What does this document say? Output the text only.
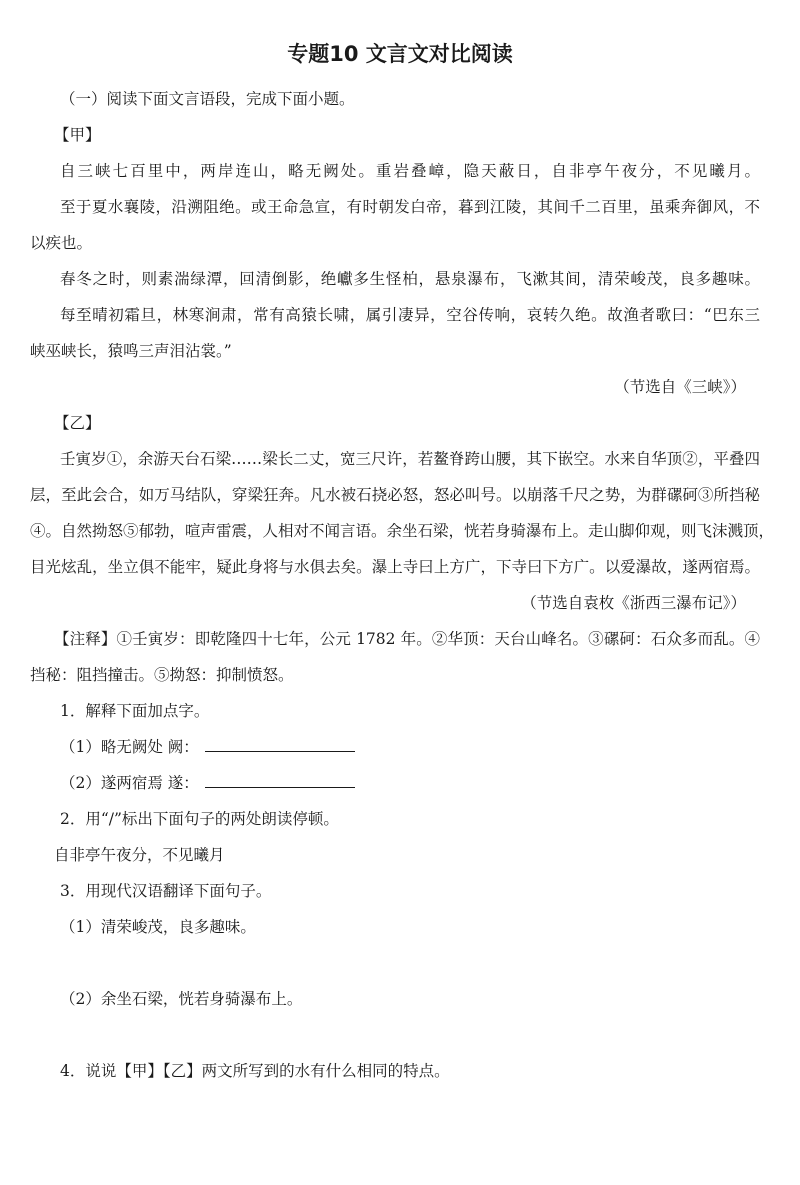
专题10 文言文对比阅读
（一）阅读下面文言语段，完成下面小题。
【甲】
自三峡七百里中，两岸连山，略无阙处。重岩叠嶂，隐天蔽日，自非亭午夜分，不见曦月。
至于夏水襄陵，沿溯阻绝。或王命急宣，有时朝发白帝，暮到江陵，其间千二百里，虽乘奔御风，不
以疾也。
春冬之时，则素湍绿潭，回清倒影，绝巘多生怪柏，悬泉瀑布，飞漱其间，清荣峻茂，良多趣味。
每至晴初霜旦，林寒涧肃，常有高猿长啸，属引凄异，空谷传响，哀转久绝。故渔者歌曰：“巴东三
峡巫峡长，猿鸣三声泪沾裳。”
（节选自《三峡》）
【乙】
壬寅岁①，余游天台石梁……梁长二丈，宽三尺许，若鳌脊跨山腰，其下嵌空。水来自华顶②，平叠四
层，至此会合，如万马结队，穿梁狂奔。凡水被石挠必怒，怒必叫号。以崩落千尺之势，为群磥砢③所挡秘
④。自然拗怒⑤郁勃，喧声雷震，人相对不闻言语。余坐石梁，恍若身骑瀑布上。走山脚仰观，则飞沫溅顶，
目光炫乱，坐立俱不能牢，疑此身将与水俱去矣。瀑上寺曰上方广，下寺曰下方广。以爱瀑故，遂两宿焉。
（节选自袁枚《浙西三瀑布记》）
【注释】①壬寅岁：即乾隆四十七年，公元 1782 年。②华顶：天台山峰名。③磥砢：石众多而乱。④
挡秘：阻挡撞击。⑤拗怒：抑制愤怒。
1．解释下面加点字。
（1）略无阙处 阙：
（2）遂两宿焉 遂：
2．用“/”标出下面句子的两处朗读停顿。
自非亭午夜分，不见曦月
3．用现代汉语翻译下面句子。
（1）清荣峻茂，良多趣味。
（2）余坐石梁，恍若身骑瀑布上。
4．说说【甲】【乙】两文所写到的水有什么相同的特点。
